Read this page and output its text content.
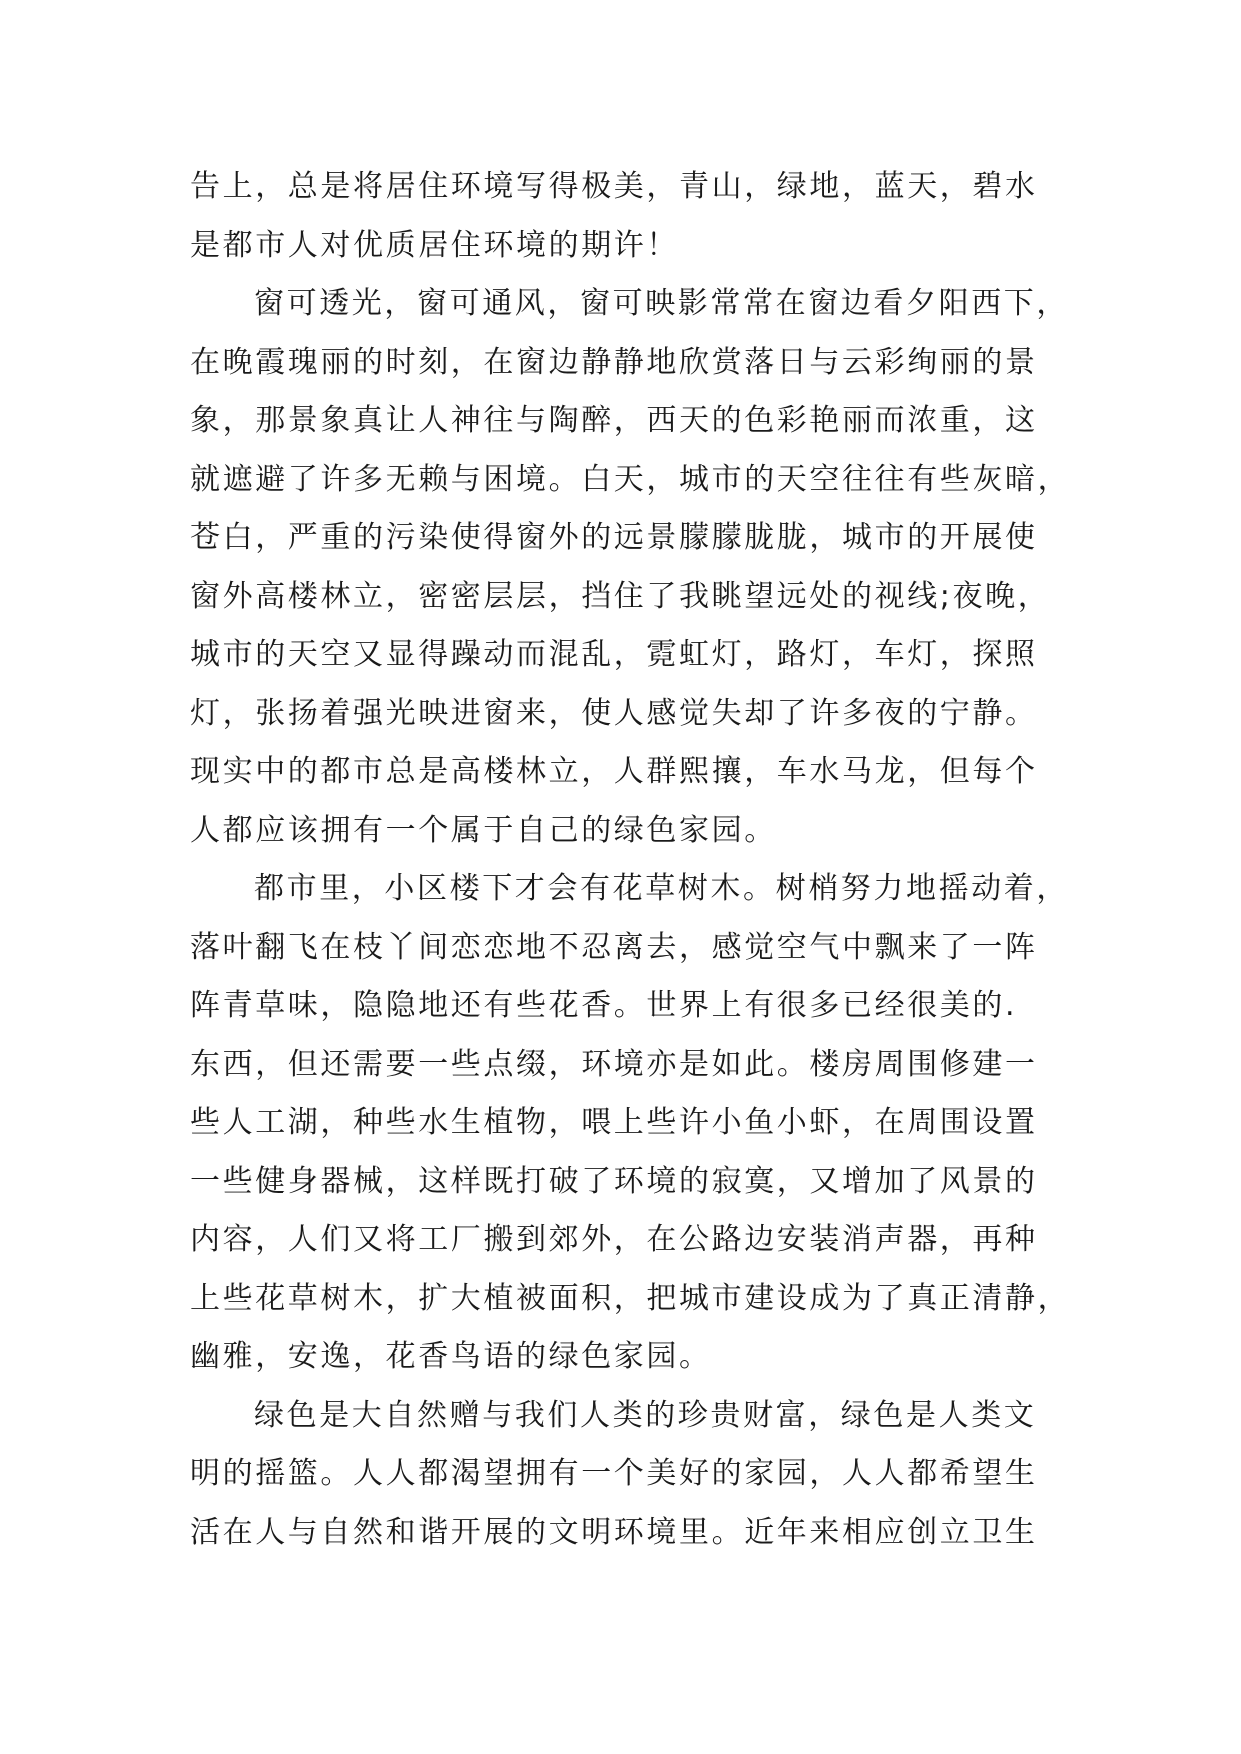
告上，总是将居住环境写得极美，青山，绿地，蓝天，碧水
是都市人对优质居住环境的期许！
窗可透光，窗可通风，窗可映影常常在窗边看夕阳西下，
在晚霞瑰丽的时刻，在窗边静静地欣赏落日与云彩绚丽的景
象，那景象真让人神往与陶醉，西天的色彩艳丽而浓重，这
就遮避了许多无赖与困境。白天，城市的天空往往有些灰暗，
苍白，严重的污染使得窗外的远景朦朦胧胧，城市的开展使
窗外高楼林立，密密层层，挡住了我眺望远处的视线;夜晚，
城市的天空又显得躁动而混乱，霓虹灯，路灯，车灯，探照
灯，张扬着强光映进窗来，使人感觉失却了许多夜的宁静。
现实中的都市总是高楼林立，人群熙攘，车水马龙，但每个
人都应该拥有一个属于自己的绿色家园。
都市里，小区楼下才会有花草树木。树梢努力地摇动着，
落叶翻飞在枝丫间恋恋地不忍离去，感觉空气中飘来了一阵
阵青草味，隐隐地还有些花香。世界上有很多已经很美的.
东西，但还需要一些点缀，环境亦是如此。楼房周围修建一
些人工湖，种些水生植物，喂上些许小鱼小虾，在周围设置
一些健身器械，这样既打破了环境的寂寞，又增加了风景的
内容，人们又将工厂搬到郊外，在公路边安装消声器，再种
上些花草树木，扩大植被面积，把城市建设成为了真正清静，
幽雅，安逸，花香鸟语的绿色家园。
绿色是大自然赠与我们人类的珍贵财富，绿色是人类文
明的摇篮。人人都渴望拥有一个美好的家园，人人都希望生
活在人与自然和谐开展的文明环境里。近年来相应创立卫生
